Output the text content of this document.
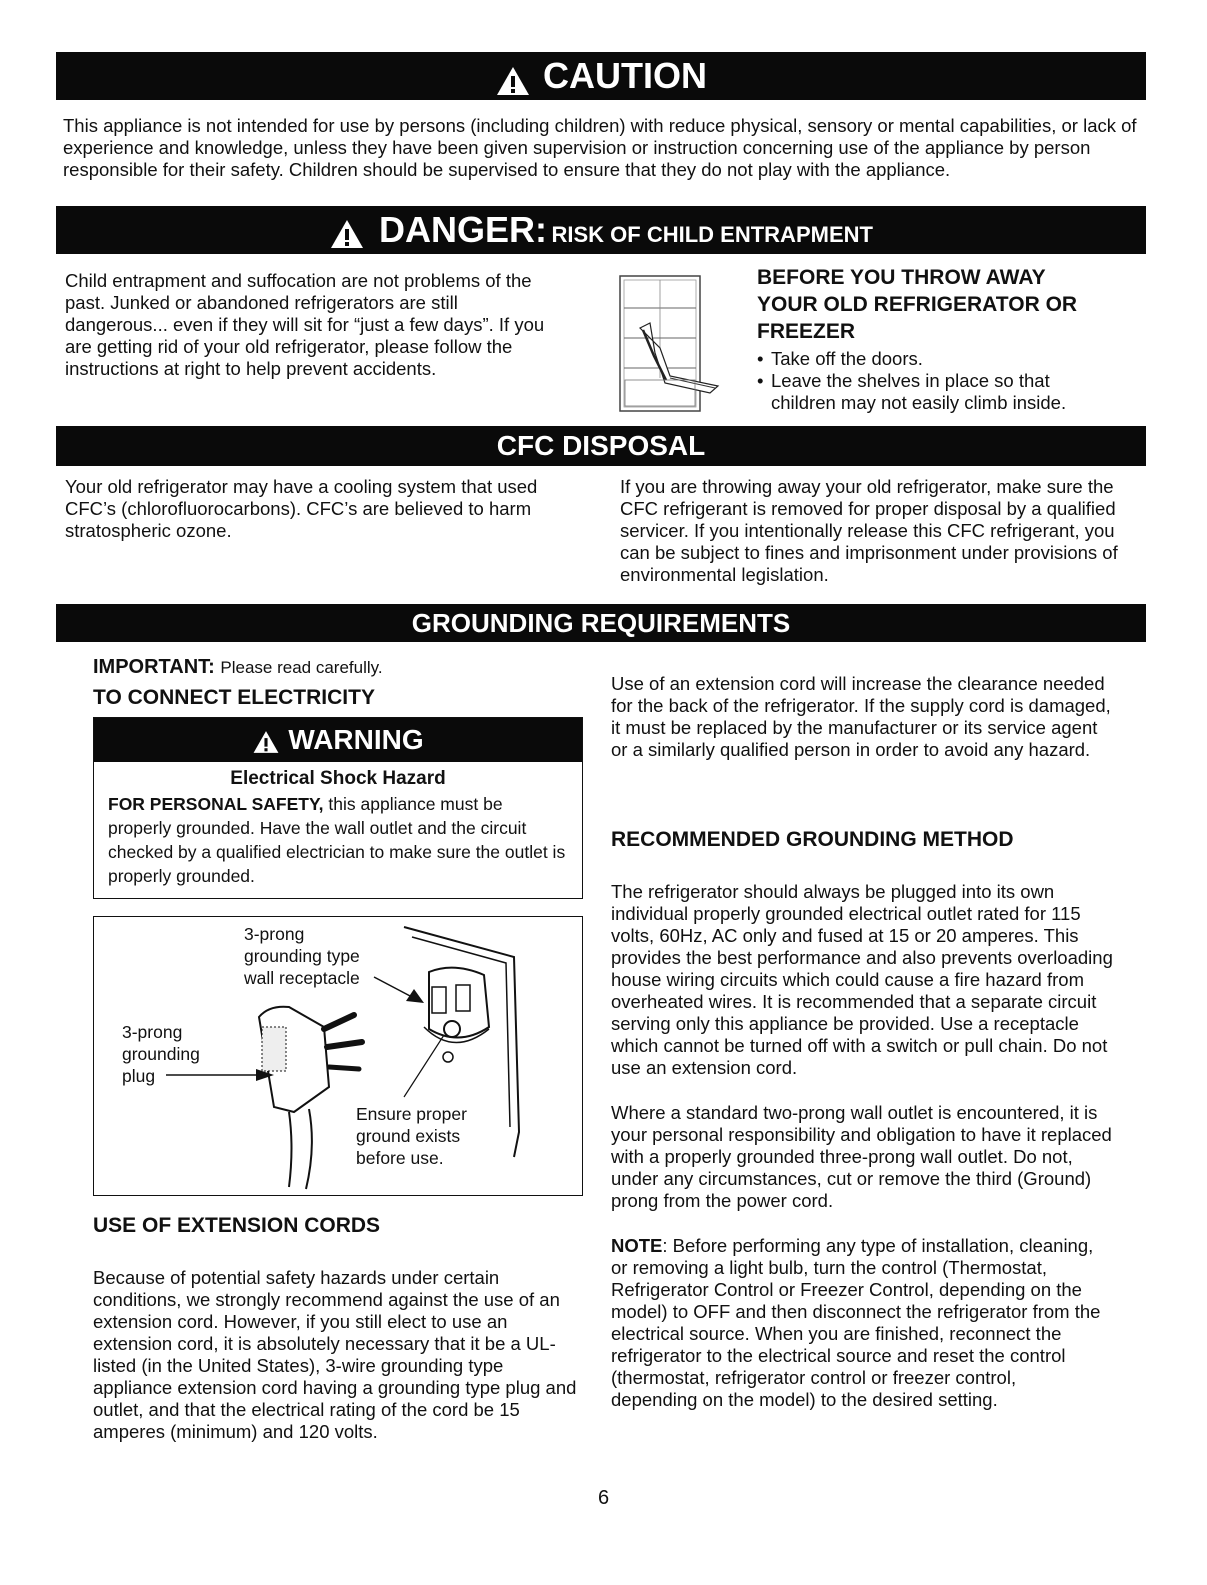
CAUTION
This appliance is not intended for use by persons (including children) with reduce physical, sensory or mental capabilities, or lack of experience and knowledge, unless they have been given supervision or instruction concerning use of the appliance by person responsible for their safety. Children should be supervised to ensure that they do not play with the appliance.
DANGER: RISK OF CHILD ENTRAPMENT
Child entrapment and suffocation are not problems of the past. Junked or abandoned refrigerators are still dangerous... even if they will sit for “just a few days”. If you are getting rid of your old refrigerator, please follow the instructions at right to help prevent accidents.
BEFORE YOU THROW AWAY YOUR OLD REFRIGERATOR OR FREEZER
• Take off the doors.
• Leave the shelves in place so that children may not easily climb inside.
CFC DISPOSAL
Your old refrigerator may have a cooling system that used CFC’s (chlorofluorocarbons). CFC’s are believed to harm stratospheric ozone.
If you are throwing away your old refrigerator, make sure the CFC refrigerant is removed for proper disposal by a qualified servicer. If you intentionally release this CFC refrigerant, you can be subject to fines and imprisonment under provisions of environmental legislation.
GROUNDING REQUIREMENTS
IMPORTANT: Please read carefully.
TO CONNECT ELECTRICITY
WARNING
Electrical Shock Hazard
FOR PERSONAL SAFETY, this appliance must be properly grounded. Have the wall outlet and the circuit checked by a qualified electrician to make sure the outlet is properly grounded.
3-prong grounding type wall receptacle
3-prong grounding plug
Ensure proper ground exists before use.
USE OF EXTENSION CORDS
Because of potential safety hazards under certain conditions, we strongly recommend against the use of an extension cord. However, if you still elect to use an extension cord, it is absolutely necessary that it be a UL-listed (in the United States), 3-wire grounding type appliance extension cord having a grounding type plug and outlet, and that the electrical rating of the cord be 15 amperes (minimum) and 120 volts.
Use of an extension cord will increase the clearance needed for the back of the refrigerator. If the supply cord is damaged, it must be replaced by the manufacturer or its service agent or a similarly qualified person in order to avoid any hazard.
RECOMMENDED GROUNDING METHOD
The refrigerator should always be plugged into its own individual properly grounded electrical outlet rated for 115 volts, 60Hz, AC only and fused at 15 or 20 amperes. This provides the best performance and also prevents overloading house wiring circuits which could cause a fire hazard from overheated wires. It is recommended that a separate circuit serving only this appliance be provided. Use a receptacle which cannot be turned off with a switch or pull chain. Do not use an extension cord.
Where a standard two-prong wall outlet is encountered, it is your personal responsibility and obligation to have it replaced with a properly grounded three-prong wall outlet. Do not, under any circumstances, cut or remove the third (Ground) prong from the power cord.
NOTE: Before performing any type of installation, cleaning, or removing a light bulb, turn the control (Thermostat, Refrigerator Control or Freezer Control, depending on the model) to OFF and then disconnect the refrigerator from the electrical source. When you are finished, reconnect the refrigerator to the electrical source and reset the control (thermostat, refrigerator control or freezer control, depending on the model) to the desired setting.
6
